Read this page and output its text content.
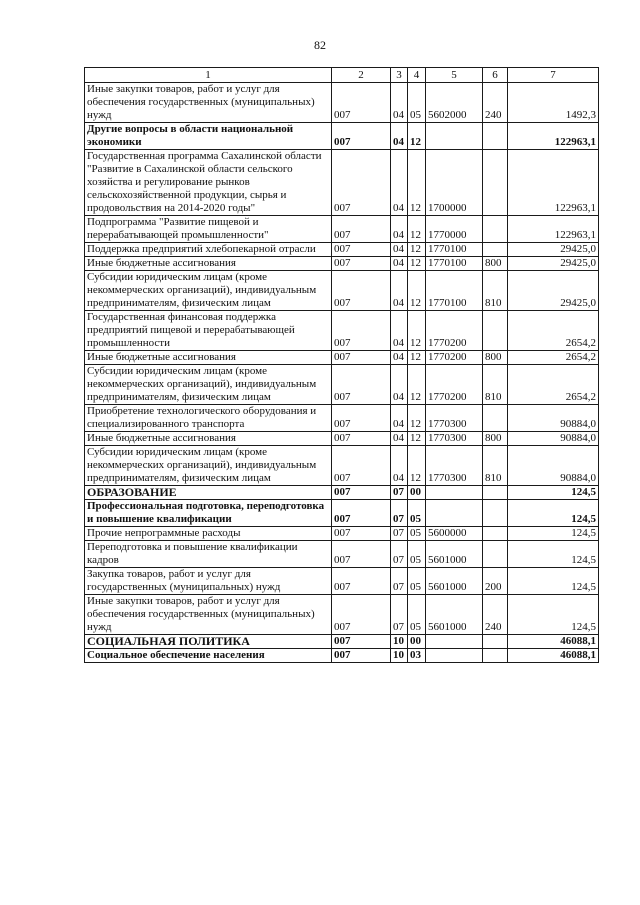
82
1	2	3	4	5	6	7
Иные закупки товаров, работ и услуг для обеспечения государственных (муниципальных) нужд	007	04	05	5602000	240	1492,3
Другие вопросы в области национальной экономики	007	04	12			122963,1
Государственная программа Сахалинской области "Развитие в Сахалинской области сельского хозяйства и регулирование рынков сельскохозяйственной продукции, сырья и продовольствия на 2014-2020 годы"	007	04	12	1700000		122963,1
Подпрограмма "Развитие пищевой и перерабатывающей промышленности"	007	04	12	1770000		122963,1
Поддержка предприятий хлебопекарной отрасли	007	04	12	1770100		29425,0
Иные бюджетные ассигнования	007	04	12	1770100	800	29425,0
Субсидии юридическим лицам (кроме некоммерческих организаций), индивидуальным предпринимателям, физическим лицам	007	04	12	1770100	810	29425,0
Государственная финансовая поддержка предприятий пищевой и перерабатывающей промышленности	007	04	12	1770200		2654,2
Иные бюджетные ассигнования	007	04	12	1770200	800	2654,2
Субсидии юридическим лицам (кроме некоммерческих организаций), индивидуальным предпринимателям, физическим лицам	007	04	12	1770200	810	2654,2
Приобретение технологического оборудования и специализированного транспорта	007	04	12	1770300		90884,0
Иные бюджетные ассигнования	007	04	12	1770300	800	90884,0
Субсидии юридическим лицам (кроме некоммерческих организаций), индивидуальным предпринимателям, физическим лицам	007	04	12	1770300	810	90884,0
ОБРАЗОВАНИЕ	007	07	00			124,5
Профессиональная подготовка, переподготовка и повышение квалификации	007	07	05			124,5
Прочие непрограммные расходы	007	07	05	5600000		124,5
Переподготовка и повышение квалификации кадров	007	07	05	5601000		124,5
Закупка товаров, работ и услуг для государственных (муниципальных) нужд	007	07	05	5601000	200	124,5
Иные закупки товаров, работ и услуг для обеспечения государственных (муниципальных) нужд	007	07	05	5601000	240	124,5
СОЦИАЛЬНАЯ ПОЛИТИКА	007	10	00			46088,1
Социальное обеспечение населения	007	10	03			46088,1
